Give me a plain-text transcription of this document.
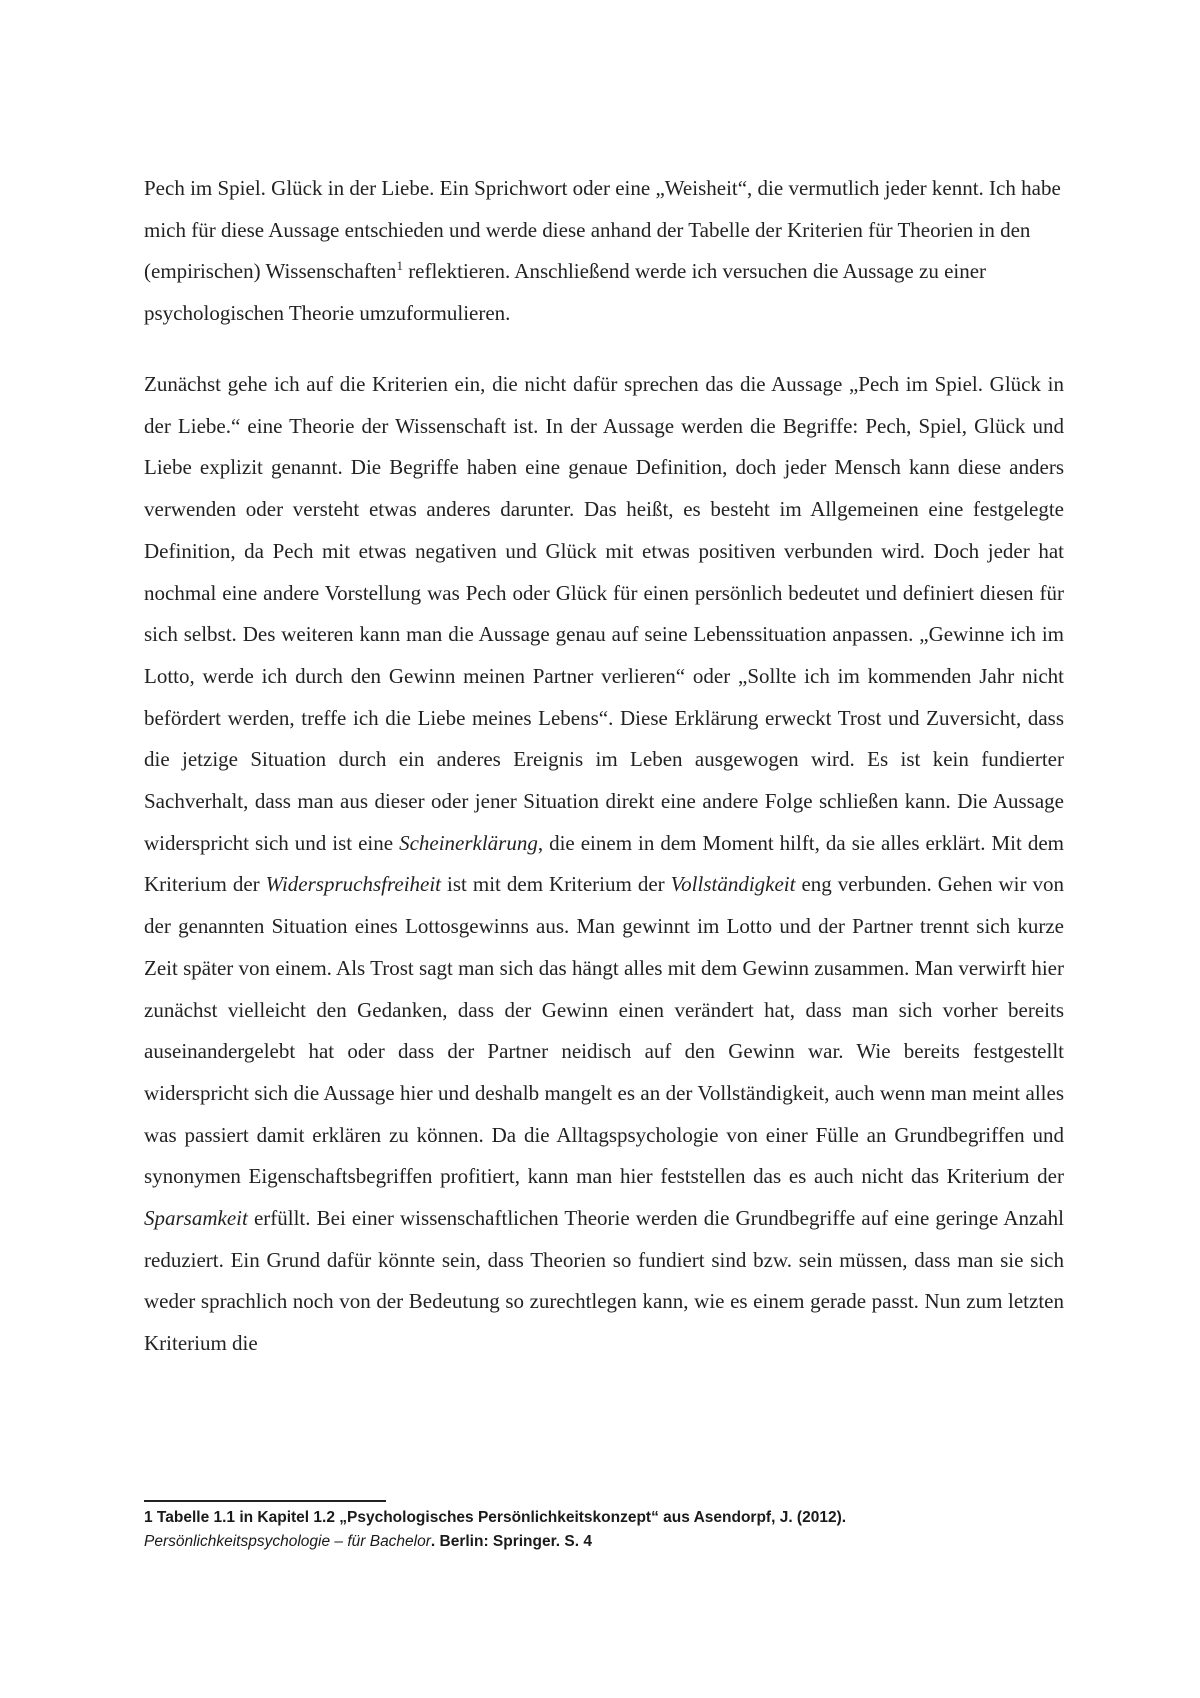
Pech im Spiel. Glück in der Liebe. Ein Sprichwort oder eine „Weisheit“, die vermutlich jeder kennt. Ich habe mich für diese Aussage entschieden und werde diese anhand der Tabelle der Kriterien für Theorien in den (empirischen) Wissenschaften$^1$ reflektieren. Anschließend werde ich versuchen die Aussage zu einer psychologischen Theorie umzuformulieren.

Zunächst gehe ich auf die Kriterien ein, die nicht dafür sprechen das die Aussage „Pech im Spiel. Glück in der Liebe.“ eine Theorie der Wissenschaft ist. In der Aussage werden die Begriffe: Pech, Spiel, Glück und Liebe explizit genannt. Die Begriffe haben eine genaue Definition, doch jeder Mensch kann diese anders verwenden oder versteht etwas anderes darunter. Das heißt, es besteht im Allgemeinen eine festgelegte Definition, da Pech mit etwas negativen und Glück mit etwas positiven verbunden wird. Doch jeder hat nochmal eine andere Vorstellung was Pech oder Glück für einen persönlich bedeutet und definiert diesen für sich selbst. Des weiteren kann man die Aussage genau auf seine Lebenssituation anpassen. „Gewinne ich im Lotto, werde ich durch den Gewinn meinen Partner verlieren“ oder „Sollte ich im kommenden Jahr nicht befördert werden, treffe ich die Liebe meines Lebens“. Diese Erklärung erweckt Trost und Zuversicht, dass die jetzige Situation durch ein anderes Ereignis im Leben ausgewogen wird. Es ist kein fundierter Sachverhalt, dass man aus dieser oder jener Situation direkt eine andere Folge schließen kann. Die Aussage widerspricht sich und ist eine Scheinerklärung, die einem in dem Moment hilft, da sie alles erklärt. Mit dem Kriterium der Widerspruchsfreiheit ist mit dem Kriterium der Vollständigkeit eng verbunden. Gehen wir von der genannten Situation eines Lottosgewinns aus. Man gewinnt im Lotto und der Partner trennt sich kurze Zeit später von einem. Als Trost sagt man sich das hängt alles mit dem Gewinn zusammen. Man verwirft hier zunächst vielleicht den Gedanken, dass der Gewinn einen verändert hat, dass man sich vorher bereits auseinandergelebt hat oder dass der Partner neidisch auf den Gewinn war. Wie bereits festgestellt widerspricht sich die Aussage hier und deshalb mangelt es an der Vollständigkeit, auch wenn man meint alles was passiert damit erklären zu können. Da die Alltagspsychologie von einer Fülle an Grundbegriffen und synonymen Eigenschaftsbegriffen profitiert, kann man hier feststellen das es auch nicht das Kriterium der Sparsamkeit erfüllt. Bei einer wissenschaftlichen Theorie werden die Grundbegriffe auf eine geringe Anzahl reduziert. Ein Grund dafür könnte sein, dass Theorien so fundiert sind bzw. sein müssen, dass man sie sich weder sprachlich noch von der Bedeutung so zurechtlegen kann, wie es einem gerade passt. Nun zum letzten Kriterium die

1 Tabelle 1.1 in Kapitel 1.2 „Psychologisches Persönlichkeitskonzept“ aus Asendorpf, J. (2012).
Persönlichkeitspsychologie – für Bachelor. Berlin: Springer. S. 4
